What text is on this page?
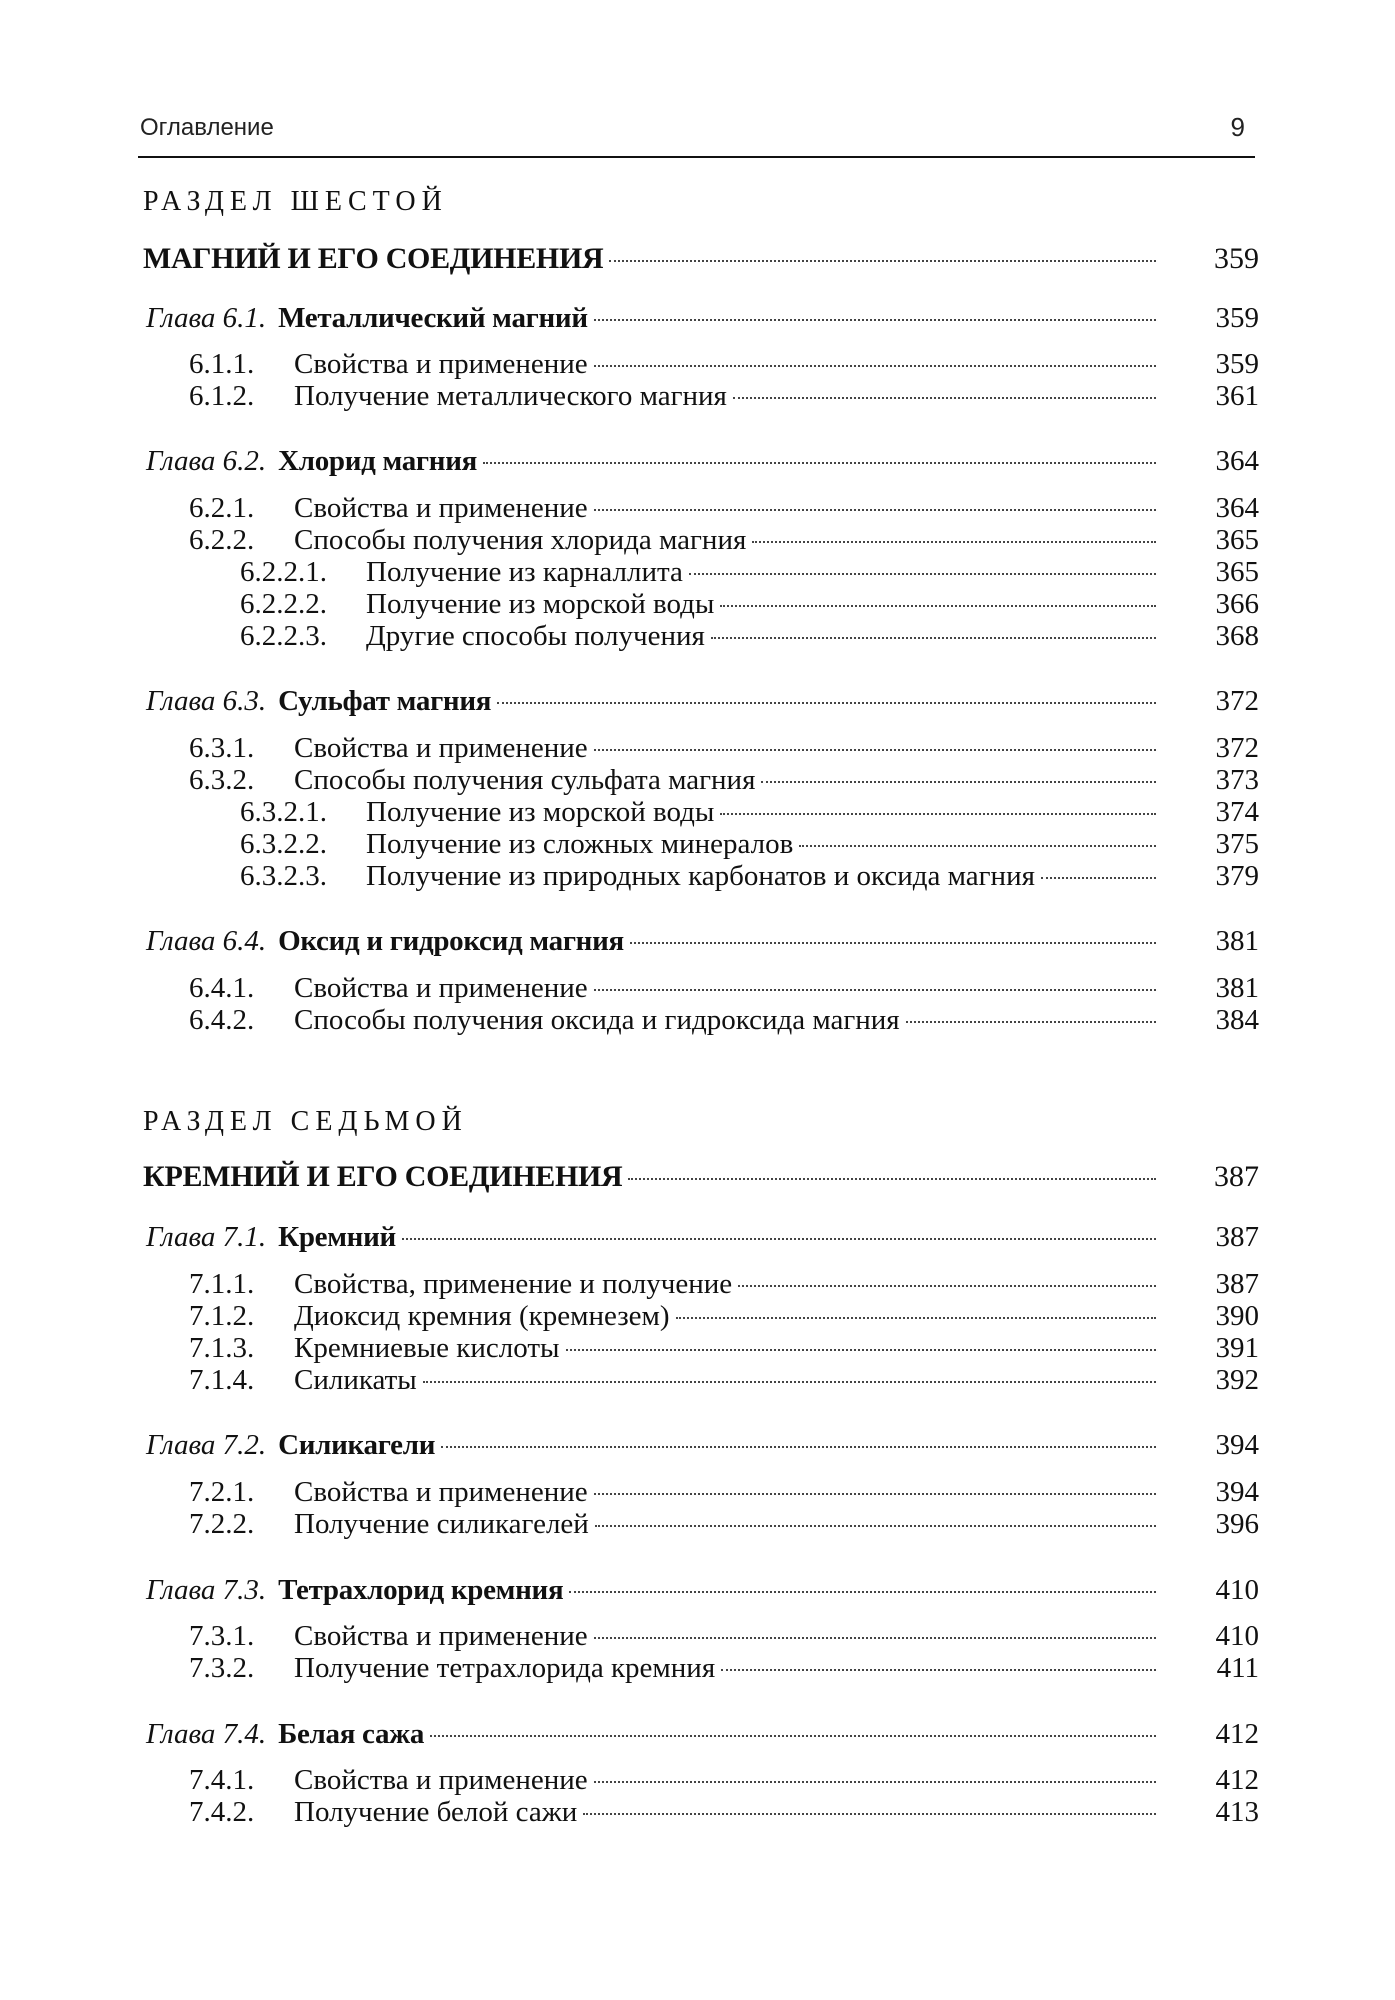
Оглавление	9
РАЗДЕЛ ШЕСТОЙ
МАГНИЙ И ЕГО СОЕДИНЕНИЯ	359
Глава 6.1. Металлический магний	359
6.1.1.	Свойства и применение	359
6.1.2.	Получение металлического магния	361
Глава 6.2. Хлорид магния	364
6.2.1.	Свойства и применение	364
6.2.2.	Способы получения хлорида магния	365
6.2.2.1.	Получение из карналлита	365
6.2.2.2.	Получение из морской воды	366
6.2.2.3.	Другие способы получения	368
Глава 6.3. Сульфат магния	372
6.3.1.	Свойства и применение	372
6.3.2.	Способы получения сульфата магния	373
6.3.2.1.	Получение из морской воды	374
6.3.2.2.	Получение из сложных минералов	375
6.3.2.3.	Получение из природных карбонатов и оксида магния	379
Глава 6.4. Оксид и гидроксид магния	381
6.4.1.	Свойства и применение	381
6.4.2.	Способы получения оксида и гидроксида магния	384
РАЗДЕЛ СЕДЬМОЙ
КРЕМНИЙ И ЕГО СОЕДИНЕНИЯ	387
Глава 7.1. Кремний	387
7.1.1.	Свойства, применение и получение	387
7.1.2.	Диоксид кремния (кремнезем)	390
7.1.3.	Кремниевые кислоты	391
7.1.4.	Силикаты	392
Глава 7.2. Силикагели	394
7.2.1.	Свойства и применение	394
7.2.2.	Получение силикагелей	396
Глава 7.3. Тетрахлорид кремния	410
7.3.1.	Свойства и применение	410
7.3.2.	Получение тетрахлорида кремния	411
Глава 7.4. Белая сажа	412
7.4.1.	Свойства и применение	412
7.4.2.	Получение белой сажи	413
